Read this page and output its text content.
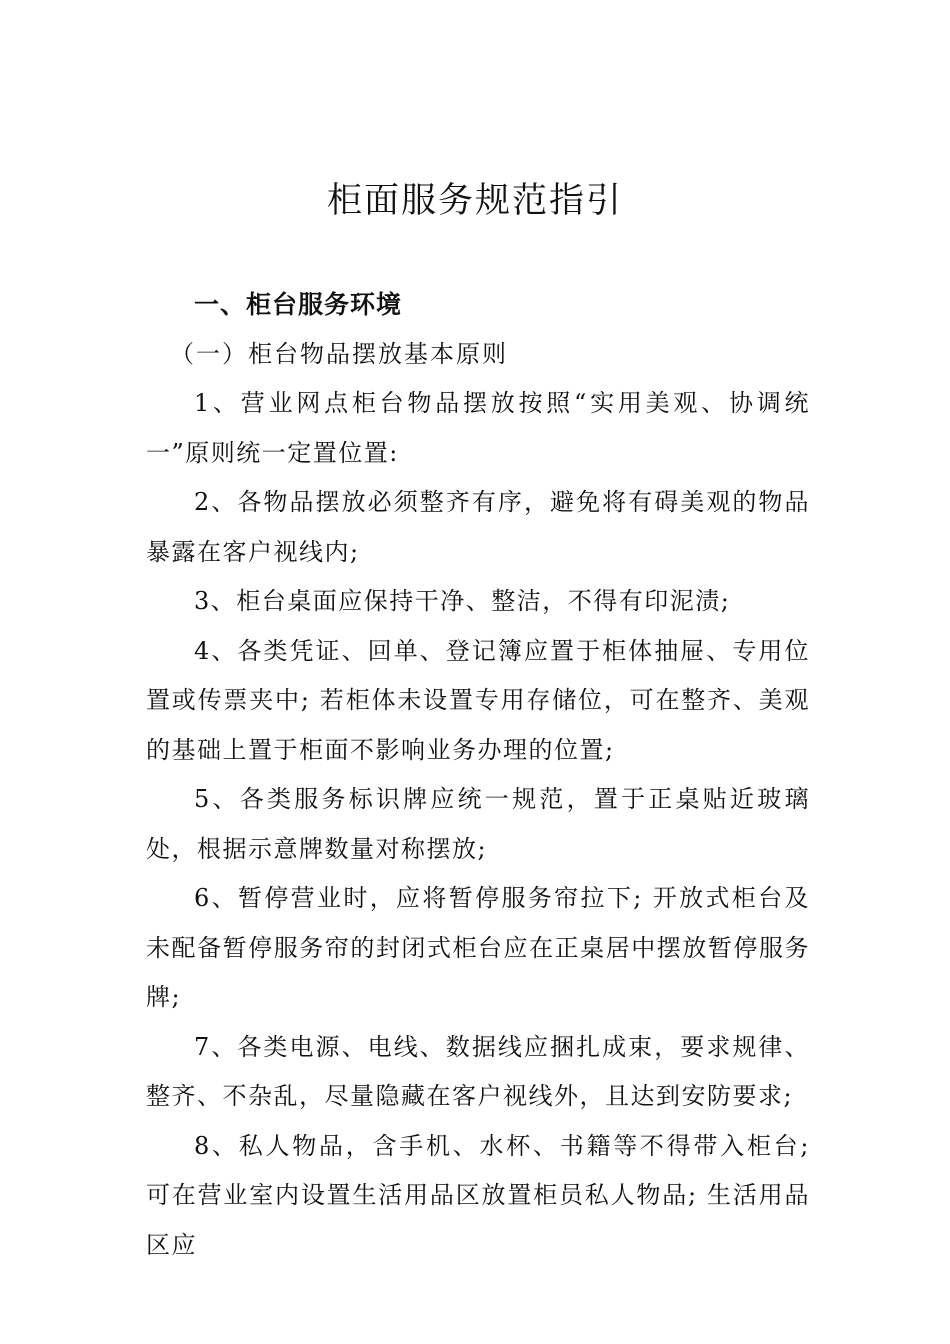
柜面服务规范指引

一、柜台服务环境

（一）柜台物品摆放基本原则

1、营业网点柜台物品摆放按照“实用美观、协调统一”原则统一定置位置:

2、各物品摆放必须整齐有序，避免将有碍美观的物品暴露在客户视线内;

3、柜台桌面应保持干净、整洁，不得有印泥渍;

4、各类凭证、回单、登记簿应置于柜体抽屉、专用位置或传票夹中; 若柜体未设置专用存储位，可在整齐、美观的基础上置于柜面不影响业务办理的位置;

5、各类服务标识牌应统一规范，置于正桌贴近玻璃处，根据示意牌数量对称摆放;

6、暂停营业时，应将暂停服务帘拉下; 开放式柜台及未配备暂停服务帘的封闭式柜台应在正桌居中摆放暂停服务牌;

7、各类电源、电线、数据线应捆扎成束，要求规律、整齐、不杂乱，尽量隐藏在客户视线外，且达到安防要求;

8、私人物品，含手机、水杯、书籍等不得带入柜台; 可在营业室内设置生活用品区放置柜员私人物品; 生活用品区应
